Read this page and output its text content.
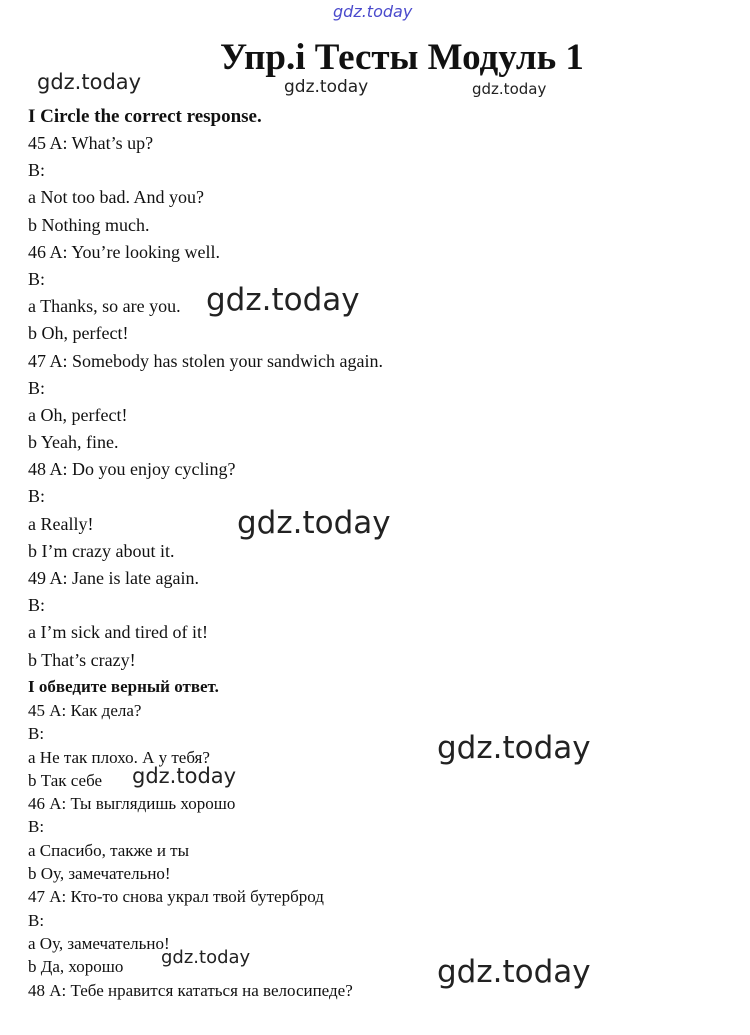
gdz.today
Упр.i Тесты Модуль 1
gdz.today	gdz.today	gdz.today
I Circle the correct response.
45 A: What’s up?
B:
a Not too bad. And you?
b Nothing much.
46 A: You’re looking well.
B:
a Thanks, so are you.
b Oh, perfect!
47 A: Somebody has stolen your sandwich again.
B:
a Oh, perfect!
b Yeah, fine.
48 A: Do you enjoy cycling?
B:
a Really!
b I’m crazy about it.
49 A: Jane is late again.
B:
a I’m sick and tired of it!
b That’s crazy!
I обведите верный ответ.
45 А: Как дела?
В:
а Не так плохо. А у тебя?
b Так себе
46 А: Ты выглядишь хорошо
В:
а Спасибо, также и ты
b Оу, замечательно!
47 А: Кто-то снова украл твой бутерброд
В:
а Оу, замечательно!
b Да, хорошо
48 А: Тебе нравится кататься на велосипеде?
gdz.today
gdz.today
gdz.today
gdz.today
gdz.today	gdz.today
